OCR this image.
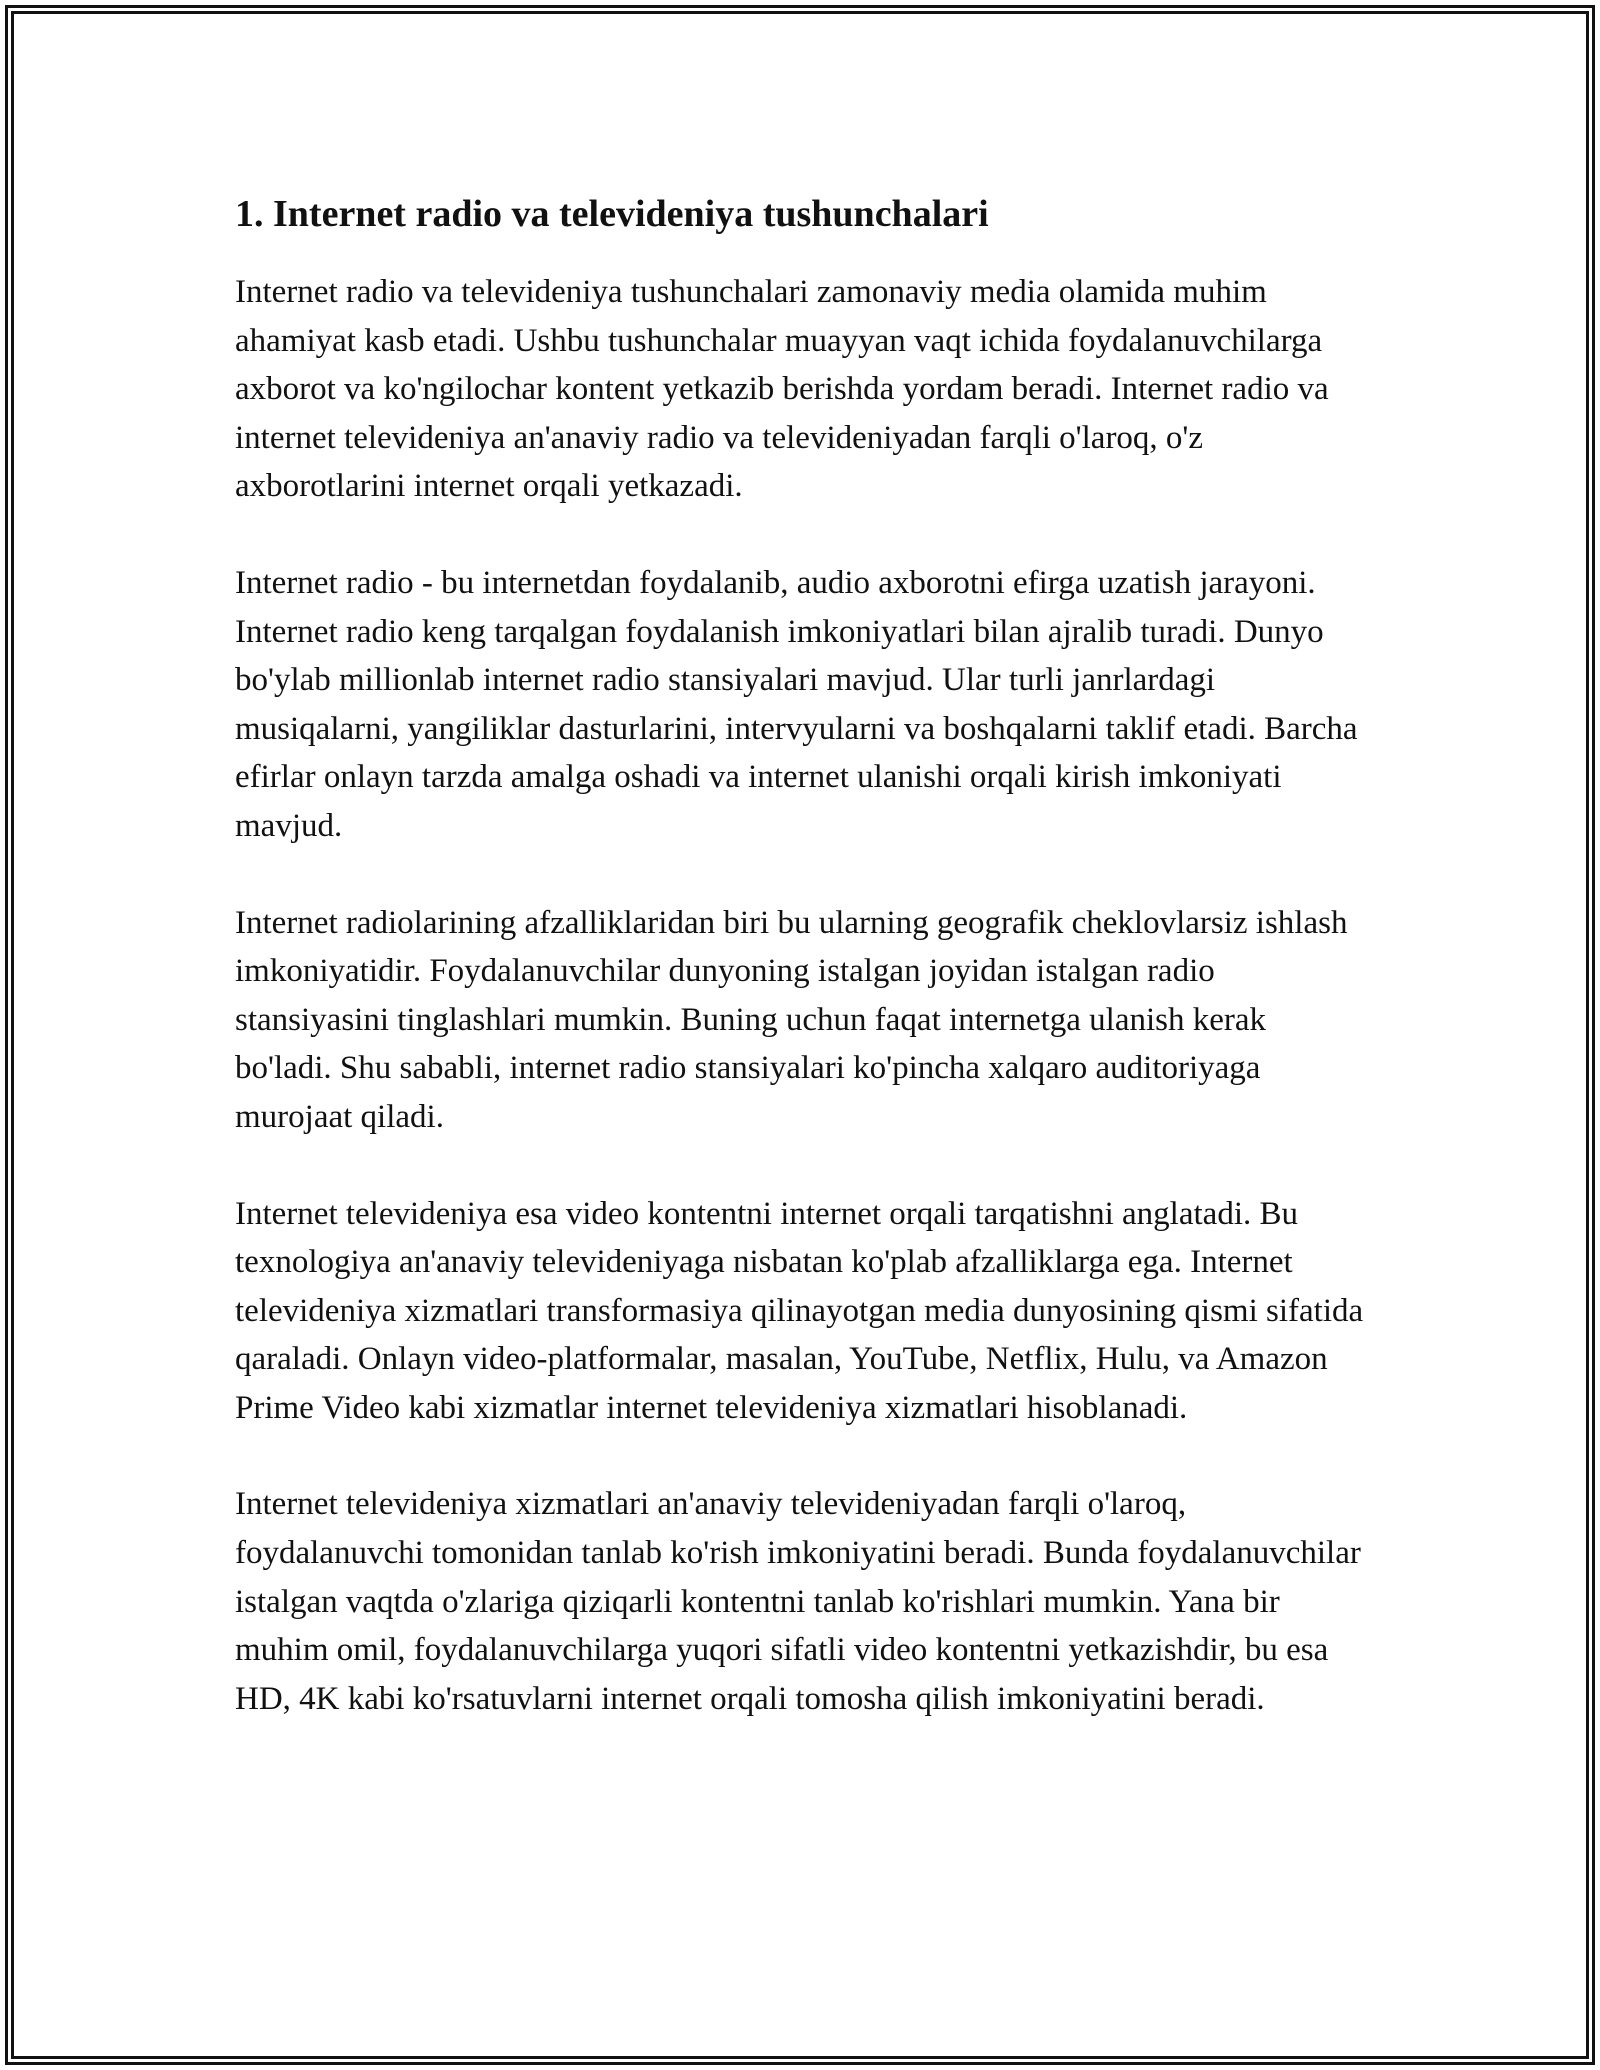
1. Internet radio va televideniya tushunchalari

Internet radio va televideniya tushunchalari zamonaviy media olamida muhim ahamiyat kasb etadi. Ushbu tushunchalar muayyan vaqt ichida foydalanuvchilarga axborot va ko'ngilochar kontent yetkazib berishda yordam beradi. Internet radio va internet televideniya an'anaviy radio va televideniyadan farqli o'laroq, o'z axborotlarini internet orqali yetkazadi.

Internet radio - bu internetdan foydalanib, audio axborotni efirga uzatish jarayoni. Internet radio keng tarqalgan foydalanish imkoniyatlari bilan ajralib turadi. Dunyo bo'ylab millionlab internet radio stansiyalari mavjud. Ular turli janrlardagi musiqalarni, yangiliklar dasturlarini, intervyularni va boshqalarni taklif etadi. Barcha efirlar onlayn tarzda amalga oshadi va internet ulanishi orqali kirish imkoniyati mavjud.

Internet radiolarining afzalliklaridan biri bu ularning geografik cheklovlarsiz ishlash imkoniyatidir. Foydalanuvchilar dunyoning istalgan joyidan istalgan radio stansiyasini tinglashlari mumkin. Buning uchun faqat internetga ulanish kerak bo'ladi. Shu sababli, internet radio stansiyalari ko'pincha xalqaro auditoriyaga murojaat qiladi.

Internet televideniya esa video kontentni internet orqali tarqatishni anglatadi. Bu texnologiya an'anaviy televideniyaga nisbatan ko'plab afzalliklarga ega. Internet televideniya xizmatlari transformasiya qilinayotgan media dunyosining qismi sifatida qaraladi. Onlayn video-platformalar, masalan, YouTube, Netflix, Hulu, va Amazon Prime Video kabi xizmatlar internet televideniya xizmatlari hisoblanadi.

Internet televideniya xizmatlari an'anaviy televideniyadan farqli o'laroq, foydalanuvchi tomonidan tanlab ko'rish imkoniyatini beradi. Bunda foydalanuvchilar istalgan vaqtda o'zlariga qiziqarli kontentni tanlab ko'rishlari mumkin. Yana bir muhim omil, foydalanuvchilarga yuqori sifatli video kontentni yetkazishdir, bu esa HD, 4K kabi ko'rsatuvlarni internet orqali tomosha qilish imkoniyatini beradi.
